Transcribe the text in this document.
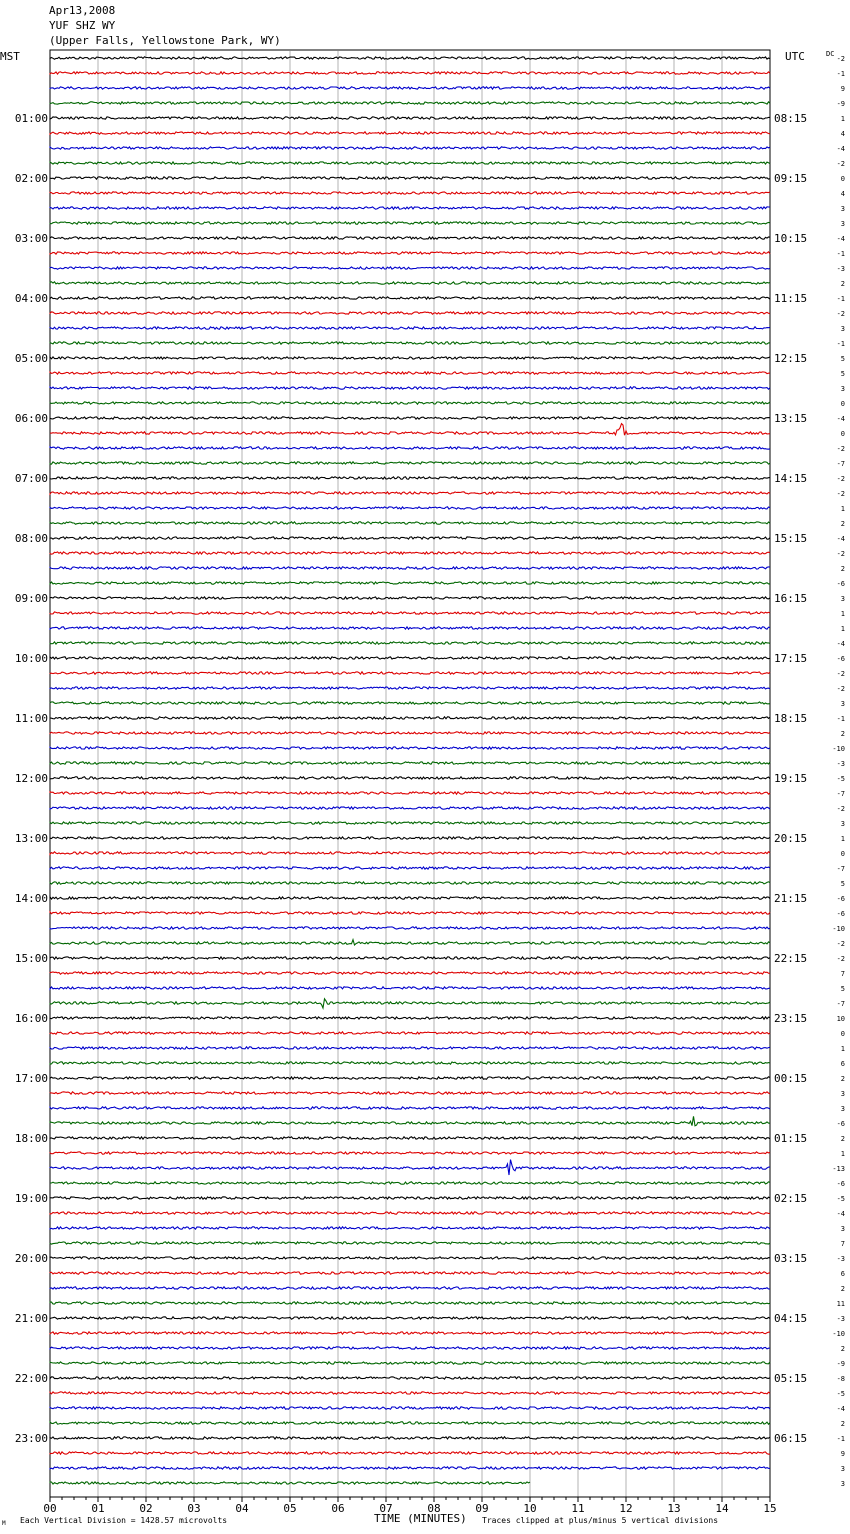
Apr13,2008
YUF SHZ WY
(Upper Falls, Yellowstone Park, WY)
MST	UTC	DC
01:00
02:00
03:00
04:00
05:00
06:00
07:00
08:00
09:00
10:00
11:00
12:00
13:00
14:00
15:00
16:00
17:00
18:00
19:00
20:00
21:00
22:00
23:00
08:15
09:15
10:15
11:15
12:15
13:15
14:15
15:15
16:15
17:15
18:15
19:15
20:15
21:15
22:15
23:15
00:15
01:15
02:15
03:15
04:15
05:15
06:15
-2
-1
9
-9
1
4
-4
-2
0
4
3
3
-4
-1
-3
2
-1
-2
3
-1
5
5
3
0
-4
0
-2
-7
-2
-2
1
2
-4
-2
2
-6
3
1
1
-4
-6
-2
-2
3
-1
2
-10
-3
-5
-7
-2
3
1
0
-7
5
-6
-6
-10
-2
-2
7
5
-7
10
0
1
6
2
3
3
-6
2
1
-13
-6
-5
-4
3
7
-3
6
2
11
-3
-10
2
-9
-8
-5
-4
2
-1
9
3
3
00	01	02	03	04	05	06	07	08	09	10	11	12	13	14	15
TIME (MINUTES)
Each Vertical Division = 1428.57 microvolts	Traces clipped at plus/minus 5 vertical divisions
M
